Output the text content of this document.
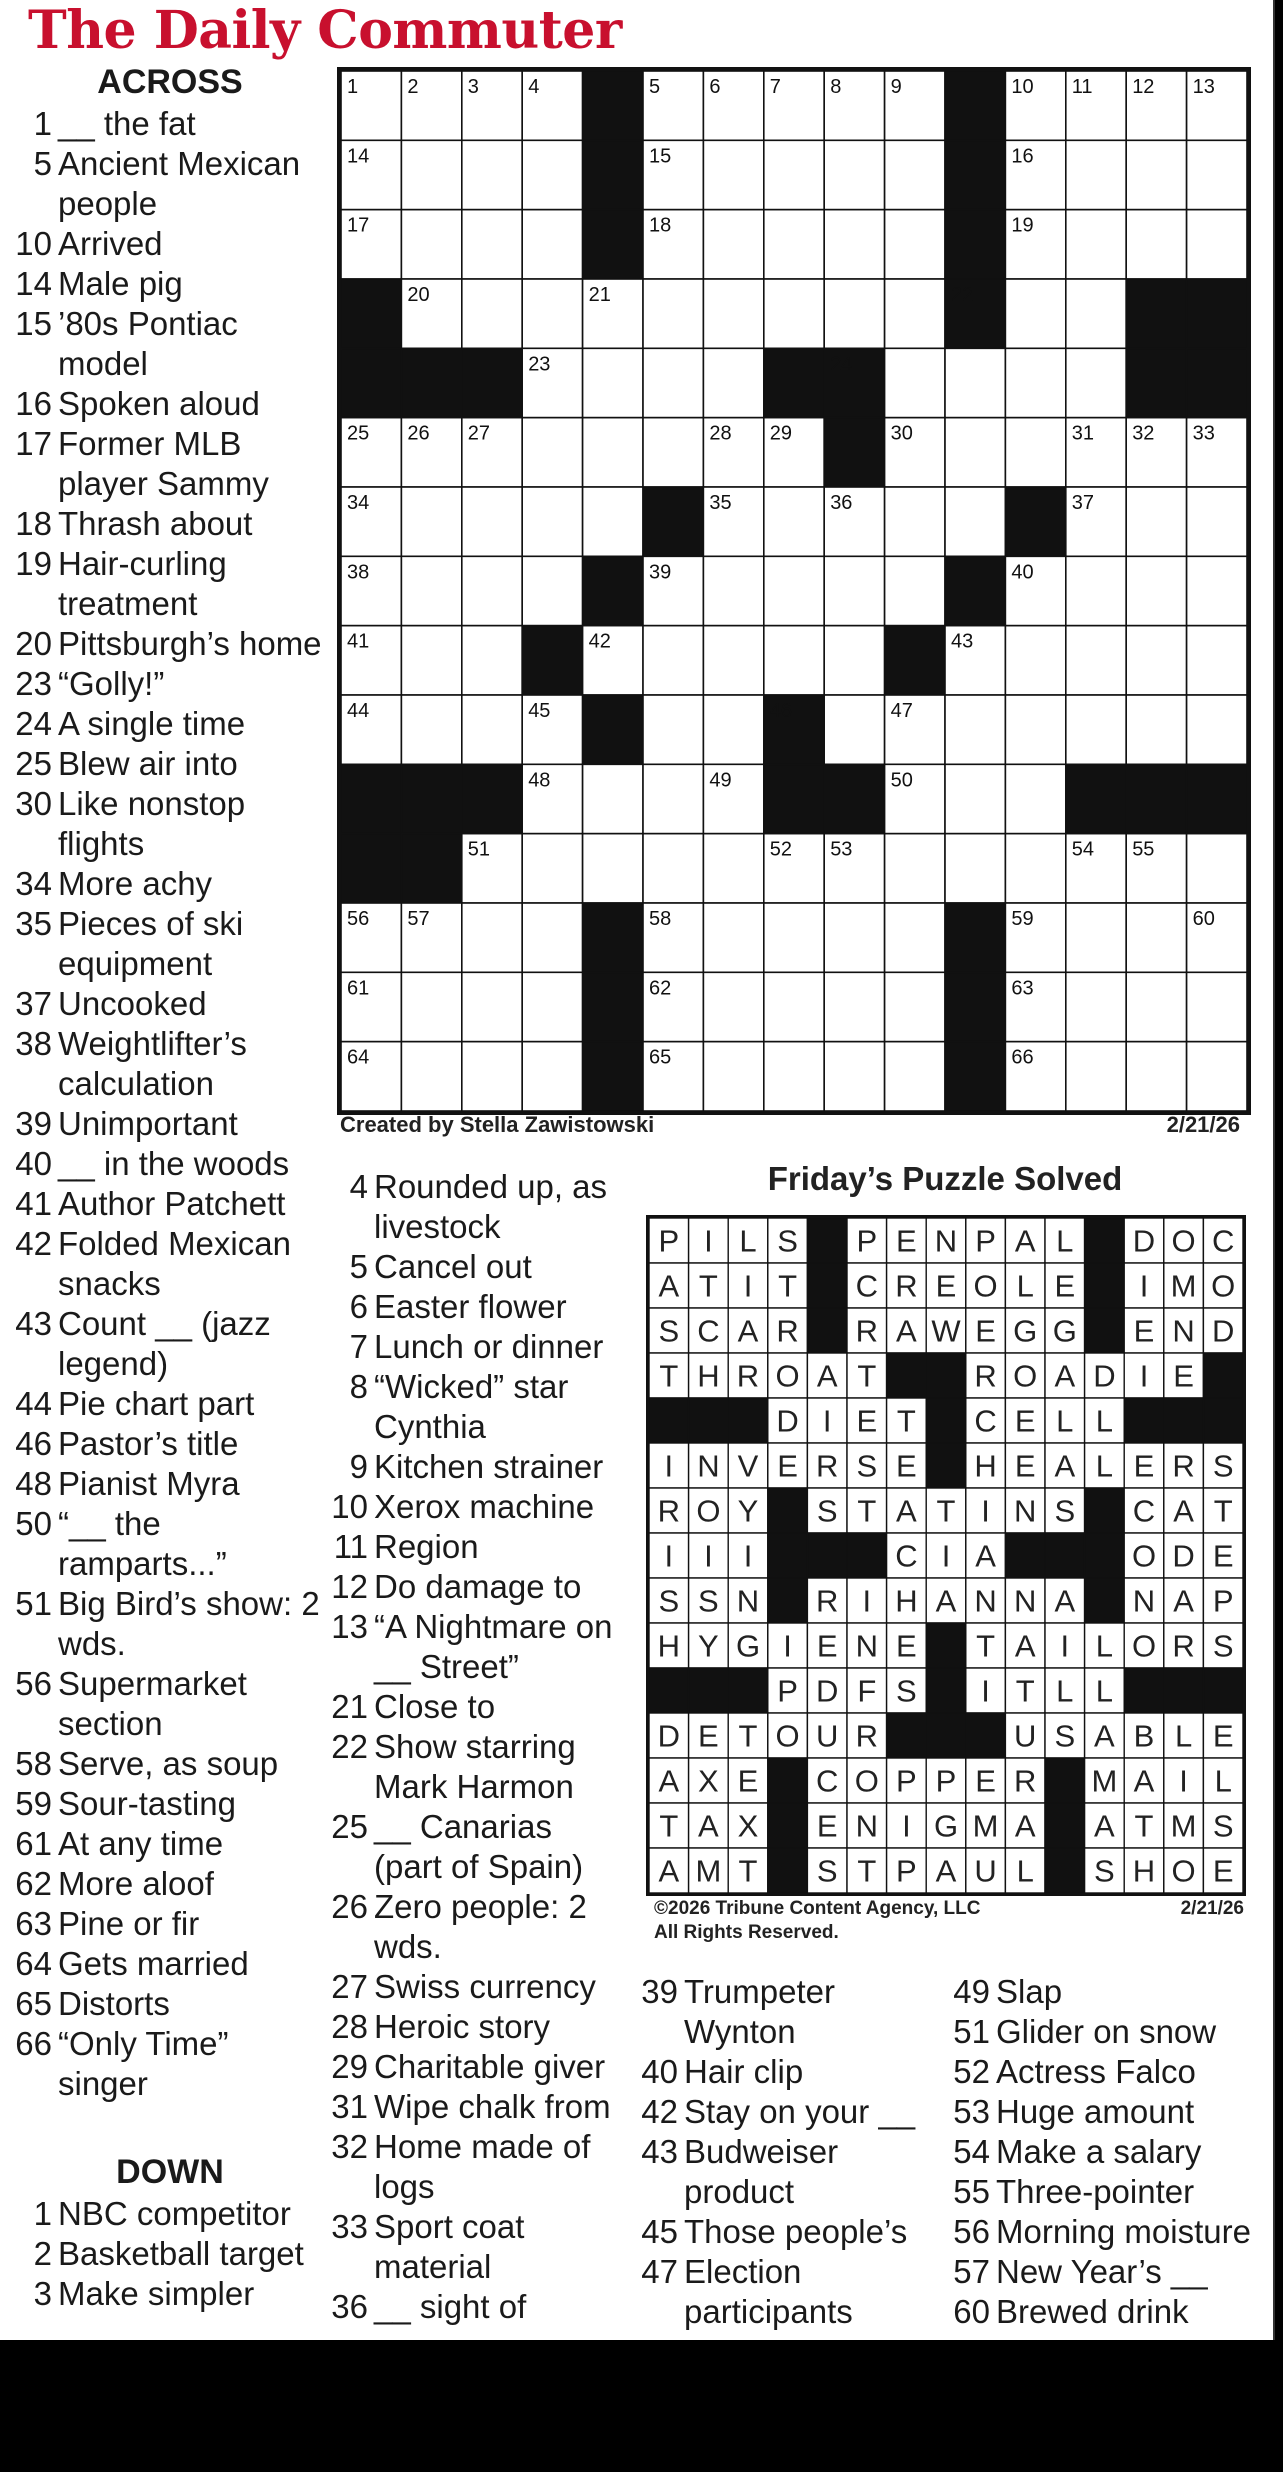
The Daily Commuter
ACROSS
1 __ the fat
5 Ancient Mexican people
10 Arrived
14 Male pig
15 ’80s Pontiac model
16 Spoken aloud
17 Former MLB player Sammy
18 Thrash about
19 Hair-curling treatment
20 Pittsburgh’s home
23 “Golly!”
24 A single time
25 Blew air into
30 Like nonstop flights
34 More achy
35 Pieces of ski equipment
37 Uncooked
38 Weightlifter’s calculation
39 Unimportant
40 __ in the woods
41 Author Patchett
42 Folded Mexican snacks
43 Count __ (jazz legend)
44 Pie chart part
46 Pastor’s title
48 Pianist Myra
50 “__ the ramparts...”
51 Big Bird’s show: 2 wds.
56 Supermarket section
58 Serve, as soup
59 Sour-tasting
61 At any time
62 More aloof
63 Pine or fir
64 Gets married
65 Distorts
66 “Only Time” singer
DOWN
1 NBC competitor
2 Basketball target
3 Make simpler
4 Rounded up, as livestock
5 Cancel out
6 Easter flower
7 Lunch or dinner
8 “Wicked” star Cynthia
9 Kitchen strainer
10 Xerox machine
11 Region
12 Do damage to
13 “A Nightmare on __ Street”
21 Close to
22 Show starring Mark Harmon
25 __ Canarias (part of Spain)
26 Zero people: 2 wds.
27 Swiss currency
28 Heroic story
29 Charitable giver
31 Wipe chalk from
32 Home made of logs
33 Sport coat material
36 __ sight of
39 Trumpeter Wynton
40 Hair clip
42 Stay on your __
43 Budweiser product
45 Those people’s
47 Election participants
49 Slap
51 Glider on snow
52 Actress Falco
53 Huge amount
54 Make a salary
55 Three-pointer
56 Morning moisture
57 New Year’s __
60 Brewed drink
1 2 3 4	5 6 7 8 9	10 11 12 13
14	15	16
17	18	19
20	21	22
23	24
25 26 27	28 29	30	31 32 33
34	35	36	37
38	39	40
41	42	43
44	45	46	47
48	49	50
51	52 53	54 55
56 57	58	59	60
61	62	63
64	65	66
Created by Stella Zawistowski	2/21/26
Friday’s Puzzle Solved
P I L S P E N P A L D O C
A T I T C R E O L E I M O
S C A R R A W E G G E N D
T H R O A T	R O A D I E
D I E T C E L L
I N V E R S E H E A L E R S
R O Y S T A T I N S C A T
I I I	C I A	O D E
S S N R I H A N N A N A P
H Y G I E N E T A I L O R S
P D F S I T L L
D E T O U R	U S A B L E
A X E C O P P E R M A I L
T A X E N I G M A A T M S
A M T S T P A U L S H O E
©2026 Tribune Content Agency, LLC
All Rights Reserved.
2/21/26
